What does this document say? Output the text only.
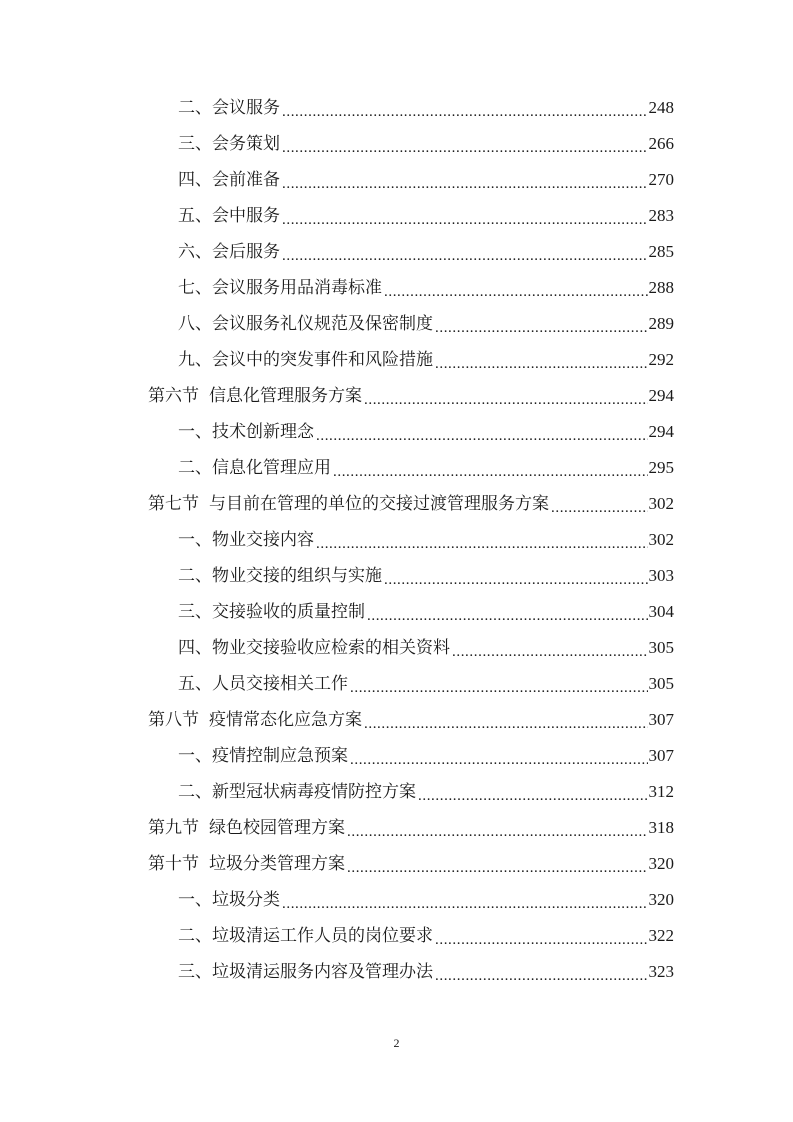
二、会议服务 .....	248
三、会务策划 .....	266
四、会前准备 .....	270
五、会中服务 .....	283
六、会后服务 .....	285
七、会议服务用品消毒标准 .....	288
八、会议服务礼仪规范及保密制度 .....	289
九、会议中的突发事件和风险措施 .....	292
第六节 信息化管理服务方案 .....	294
一、技术创新理念 .....	294
二、信息化管理应用 .....	295
第七节 与目前在管理的单位的交接过渡管理服务方案 .....	302
一、物业交接内容 .....	302
二、物业交接的组织与实施 .....	303
三、交接验收的质量控制 .....	304
四、物业交接验收应检索的相关资料 .....	305
五、人员交接相关工作 .....	305
第八节 疫情常态化应急方案 .....	307
一、疫情控制应急预案 .....	307
二、新型冠状病毒疫情防控方案 .....	312
第九节 绿色校园管理方案 .....	318
第十节 垃圾分类管理方案 .....	320
一、垃圾分类 .....	320
二、垃圾清运工作人员的岗位要求 .....	322
三、垃圾清运服务内容及管理办法 .....	323
2
